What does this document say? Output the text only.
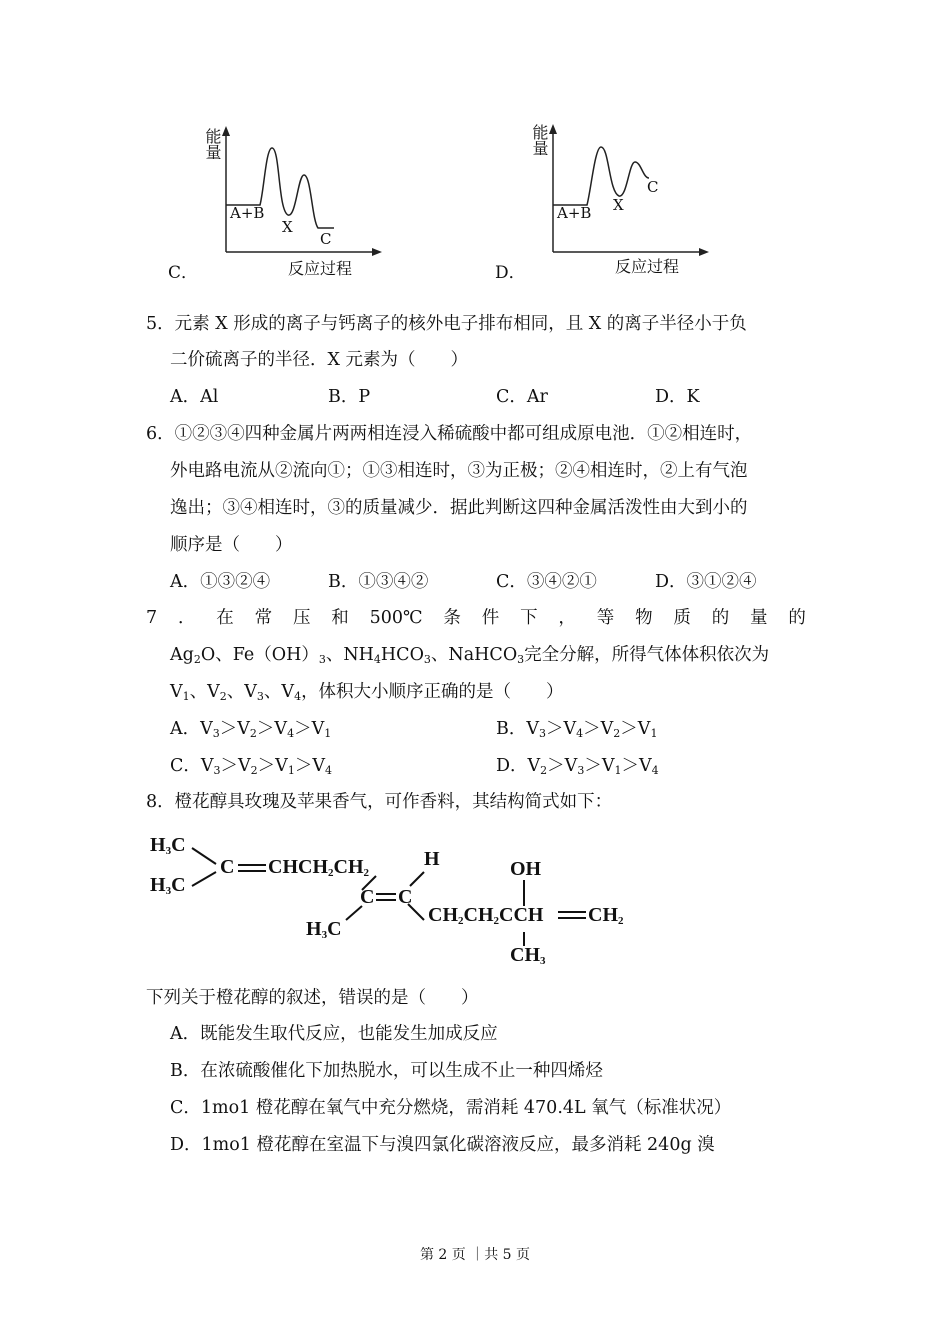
C．
能量
A+B
X
C
反应过程	D．
能量
A+B X
C
反应过程
5．元素 X 形成的离子与钙离子的核外电子排布相同，且 X 的离子半径小于负
二价硫离子的半径．X 元素为（　　）
A．Al	B．P	C．Ar	D．K
6．①②③④四种金属片两两相连浸入稀硫酸中都可组成原电池．①②相连时，
外电路电流从②流向①；①③相连时，③为正极；②④相连时，②上有气泡
逸出；③④相连时，③的质量减少．据此判断这四种金属活泼性由大到小的
顺序是（　　）
A．①③②④	B．①③④②	C．③④②①	D．③①②④
7 ． 在 常 压 和 500℃ 条 件 下 ， 等 物 质 的 量 的
$Ag_2O$、$Fe(OH)_3$、$NH_4HCO_3$、NaHCO$_3$完全分解，所得气体体积依次为
$V_1$、$V_2$、$V_3$、$V_4$，体积大小顺序正确的是（　　）
A．$V_3>V_2>V_4>V_1$	B．$V_3>V_4>V_2>V_1$
C．$V_3>V_2>V_1>V_4$	D．$V_2>V_3>V_1>V_4$
8．橙花醇具玫瑰及苹果香气，可作香料，其结构简式如下：
$H_3C$
$H_3C$
C $CHCH_2CH_2$
C C
H
$H_3C$
$CH_2CH_2CCH$ $CH_2$
OH
$CH_3$
下列关于橙花醇的叙述，错误的是（　　）
A．既能发生取代反应，也能发生加成反应
B．在浓硫酸催化下加热脱水，可以生成不止一种四烯烃
C．1mo1 橙花醇在氧气中充分燃烧，需消耗 470.4L 氧气（标准状况）
D．1mo1 橙花醇在室温下与溴四氯化碳溶液反应，最多消耗 240g 溴
第 2 页 ｜共 5 页
